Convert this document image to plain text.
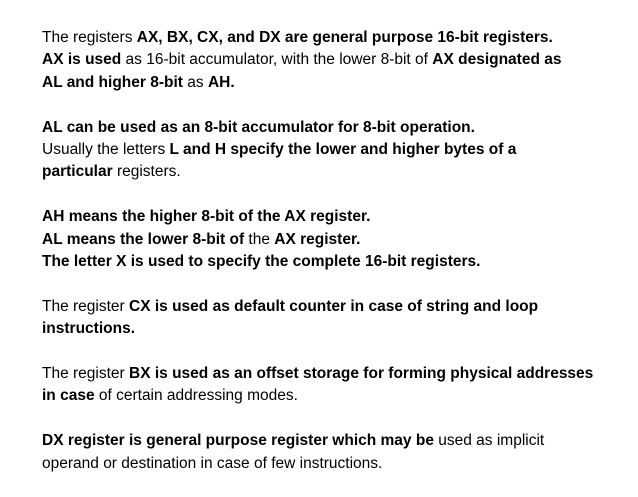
The registers AX, BX, CX, and DX are general purpose 16-bit registers.
AX is used as 16-bit accumulator, with the lower 8-bit of AX designated as
AL and higher 8-bit as AH.

AL can be used as an 8-bit accumulator for 8-bit operation.
Usually the letters L and H specify the lower and higher bytes of a
particular registers.

AH means the higher 8-bit of the AX register.
AL means the lower 8-bit of the AX register.
The letter X is used to specify the complete 16-bit registers.

The register CX is used as default counter in case of string and loop
instructions.

The register BX is used as an offset storage for forming physical addresses
in case of certain addressing modes.

DX register is general purpose register which may be used as implicit
operand or destination in case of few instructions.
